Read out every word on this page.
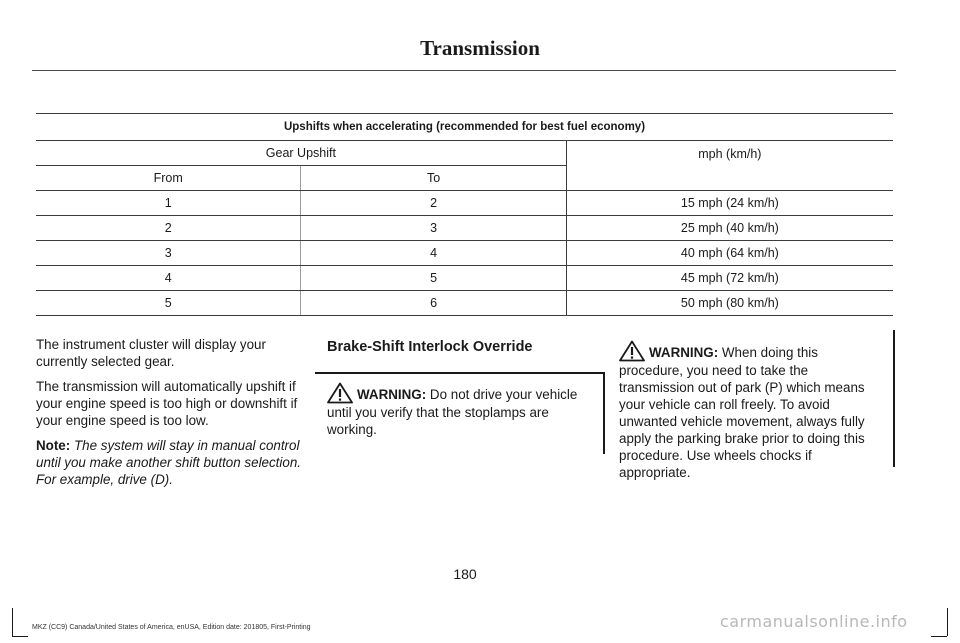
Transmission
Upshifts when accelerating (recommended for best fuel economy)		
Gear Upshift		mph (km/h)
From	To	
1	2	15 mph (24 km/h)
2	3	25 mph (40 km/h)
3	4	40 mph (64 km/h)
4	5	45 mph (72 km/h)
5	6	50 mph (80 km/h)

The instrument cluster will display your currently selected gear.

The transmission will automatically upshift if your engine speed is too high or downshift if your engine speed is too low.

Note: The system will stay in manual control until you make another shift button selection. For example, drive (D).

Brake-Shift Interlock Override
WARNING: Do not drive your vehicle until you verify that the stoplamps are working.
WARNING: When doing this procedure, you need to take the transmission out of park (P) which means your vehicle can roll freely. To avoid unwanted vehicle movement, always fully apply the parking brake prior to doing this procedure. Use wheels chocks if appropriate.
180
MKZ (CC9) Canada/United States of America, enUSA, Edition date: 201805, First-Printing	carmanualsonline.info
